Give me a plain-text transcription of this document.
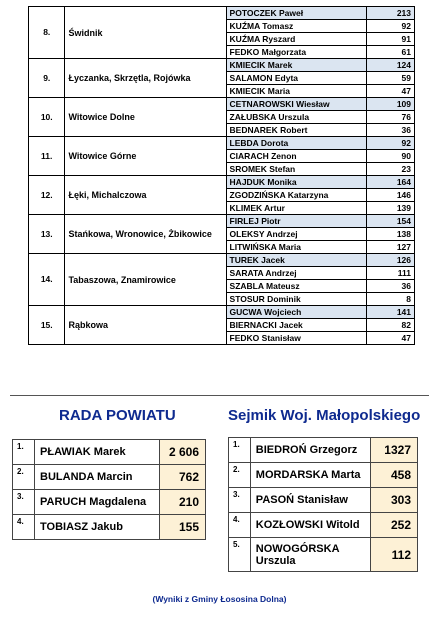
8.	Świdnik	POTOCZEK Paweł	213
		KUŹMA Tomasz	92
		KUŹMA Ryszard	91
		FEDKO Małgorzata	61
9.	Łyczanka, Skrzętla, Rojówka	KMIECIK Marek	124
		SALAMON Edyta	59
		KMIECIK Maria	47
10.	Witowice Dolne	CETNAROWSKI Wiesław	109
		ZAŁUBSKA Urszula	76
		BEDNAREK Robert	36
11.	Witowice Górne	LEBDA Dorota	92
		CIARACH Zenon	90
		SROMEK Stefan	23
12.	Łęki, Michalczowa	HAJDUK Monika	164
		ZGODZIŃSKA Katarzyna	146
		KLIMEK Artur	139
13.	Stańkowa, Wronowice, Żbikowice	FIRLEJ Piotr	154
		OLEKSY Andrzej	138
		LITWIŃSKA Maria	127
14.	Tabaszowa, Znamirowice	TUREK Jacek	126
		SARATA Andrzej	111
		SZABLA Mateusz	36
		STOSUR Dominik	8
15.	Rąbkowa	GUCWA Wojciech	141
		BIERNACKI Jacek	82
		FEDKO Stanisław	47
RADA POWIATU	Sejmik Woj. Małopolskiego
1.	PŁAWIAK Marek	2 606
2.	BULANDA Marcin	762
3.	PARUCH Magdalena	210
4.	TOBIASZ Jakub	155
1.	BIEDROŃ Grzegorz	1327
2.	MORDARSKA Marta	458
3.	PASOŃ Stanisław	303
4.	KOZŁOWSKI Witold	252
5.	NOWOGÓRSKA Urszula	112
(Wyniki z Gminy Łososina Dolna)
